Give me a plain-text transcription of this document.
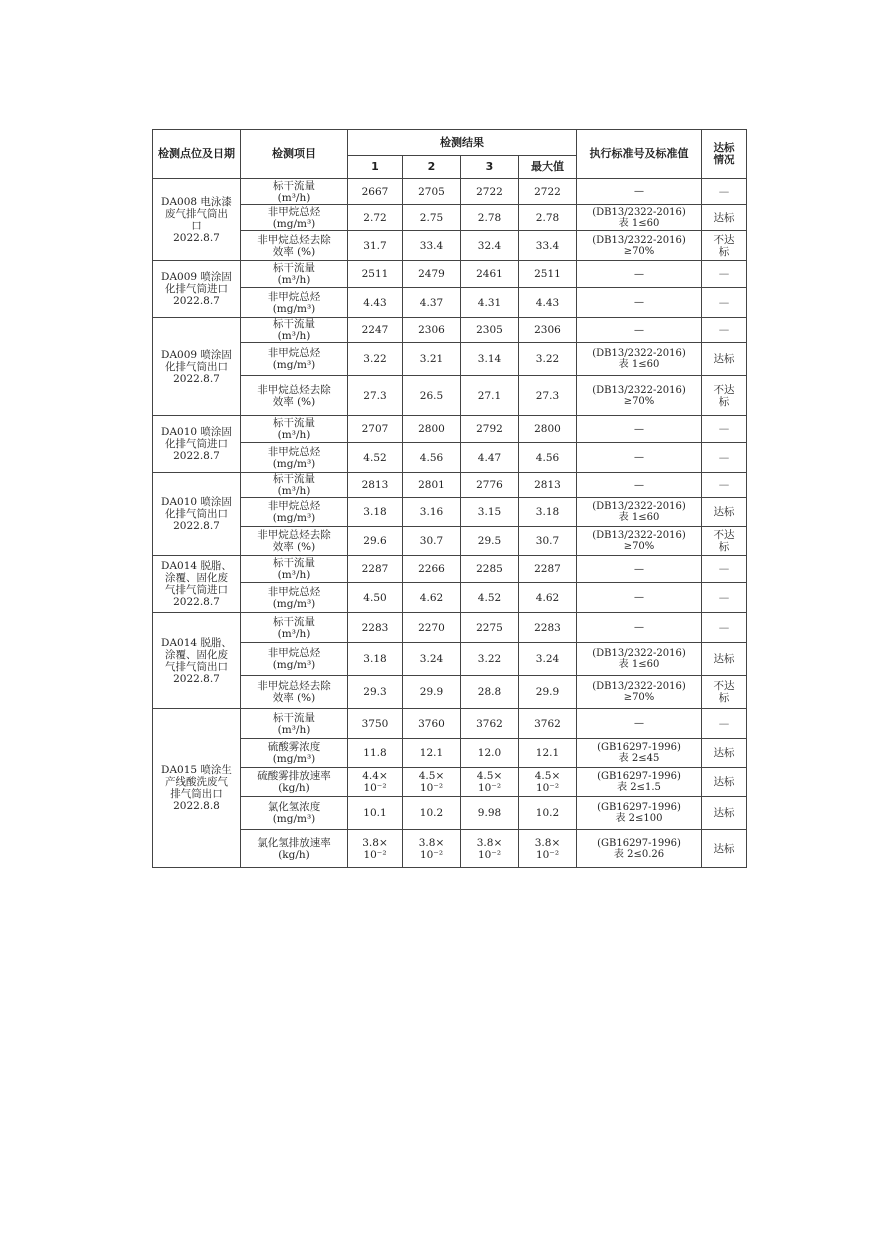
检测点位及日期	检测项目	检测结果				执行标准号及标准值	达标
情况
		1	2	3	最大值		
DA008 电泳漆
废气排气筒出
口
2022.8.7	标干流量
(m³/h)	2667	2705	2722	2722	—	—
	非甲烷总烃
(mg/m³)	2.72	2.75	2.78	2.78	(DB13/2322-2016)
表 1≤60	达标
	非甲烷总烃去除
效率 (%)	31.7	33.4	32.4	33.4	(DB13/2322-2016)
≥70%	不达
标
DA009 喷涂固
化排气筒进口
2022.8.7	标干流量
(m³/h)	2511	2479	2461	2511	—	—
	非甲烷总烃
(mg/m³)	4.43	4.37	4.31	4.43	—	—
DA009 喷涂固
化排气筒出口
2022.8.7	标干流量
(m³/h)	2247	2306	2305	2306	—	—
	非甲烷总烃
(mg/m³)	3.22	3.21	3.14	3.22	(DB13/2322-2016)
表 1≤60	达标
	非甲烷总烃去除
效率 (%)	27.3	26.5	27.1	27.3	(DB13/2322-2016)
≥70%	不达
标
DA010 喷涂固
化排气筒进口
2022.8.7	标干流量
(m³/h)	2707	2800	2792	2800	—	—
	非甲烷总烃
(mg/m³)	4.52	4.56	4.47	4.56	—	—
DA010 喷涂固
化排气筒出口
2022.8.7	标干流量
(m³/h)	2813	2801	2776	2813	—	—
	非甲烷总烃
(mg/m³)	3.18	3.16	3.15	3.18	(DB13/2322-2016)
表 1≤60	达标
	非甲烷总烃去除
效率 (%)	29.6	30.7	29.5	30.7	(DB13/2322-2016)
≥70%	不达
标
DA014 脱脂、
涂覆、固化废
气排气筒进口
2022.8.7	标干流量
(m³/h)	2287	2266	2285	2287	—	—
	非甲烷总烃
(mg/m³)	4.50	4.62	4.52	4.62	—	—
DA014 脱脂、
涂覆、固化废
气排气筒出口
2022.8.7	标干流量
(m³/h)	2283	2270	2275	2283	—	—
	非甲烷总烃
(mg/m³)	3.18	3.24	3.22	3.24	(DB13/2322-2016)
表 1≤60	达标
	非甲烷总烃去除
效率 (%)	29.3	29.9	28.8	29.9	(DB13/2322-2016)
≥70%	不达
标
DA015 喷涂生
产线酸洗废气
排气筒出口
2022.8.8	标干流量
(m³/h)	3750	3760	3762	3762	—	—
	硫酸雾浓度
(mg/m³)	11.8	12.1	12.0	12.1	(GB16297-1996)
表 2≤45	达标
	硫酸雾排放速率
(kg/h)	4.4×
10⁻²	4.5×
10⁻²	4.5×
10⁻²	4.5×
10⁻²	(GB16297-1996)
表 2≤1.5	达标
	氯化氢浓度
(mg/m³)	10.1	10.2	9.98	10.2	(GB16297-1996)
表 2≤100	达标
	氯化氢排放速率
(kg/h)	3.8×
10⁻²	3.8×
10⁻²	3.8×
10⁻²	3.8×
10⁻²	(GB16297-1996)
表 2≤0.26	达标
